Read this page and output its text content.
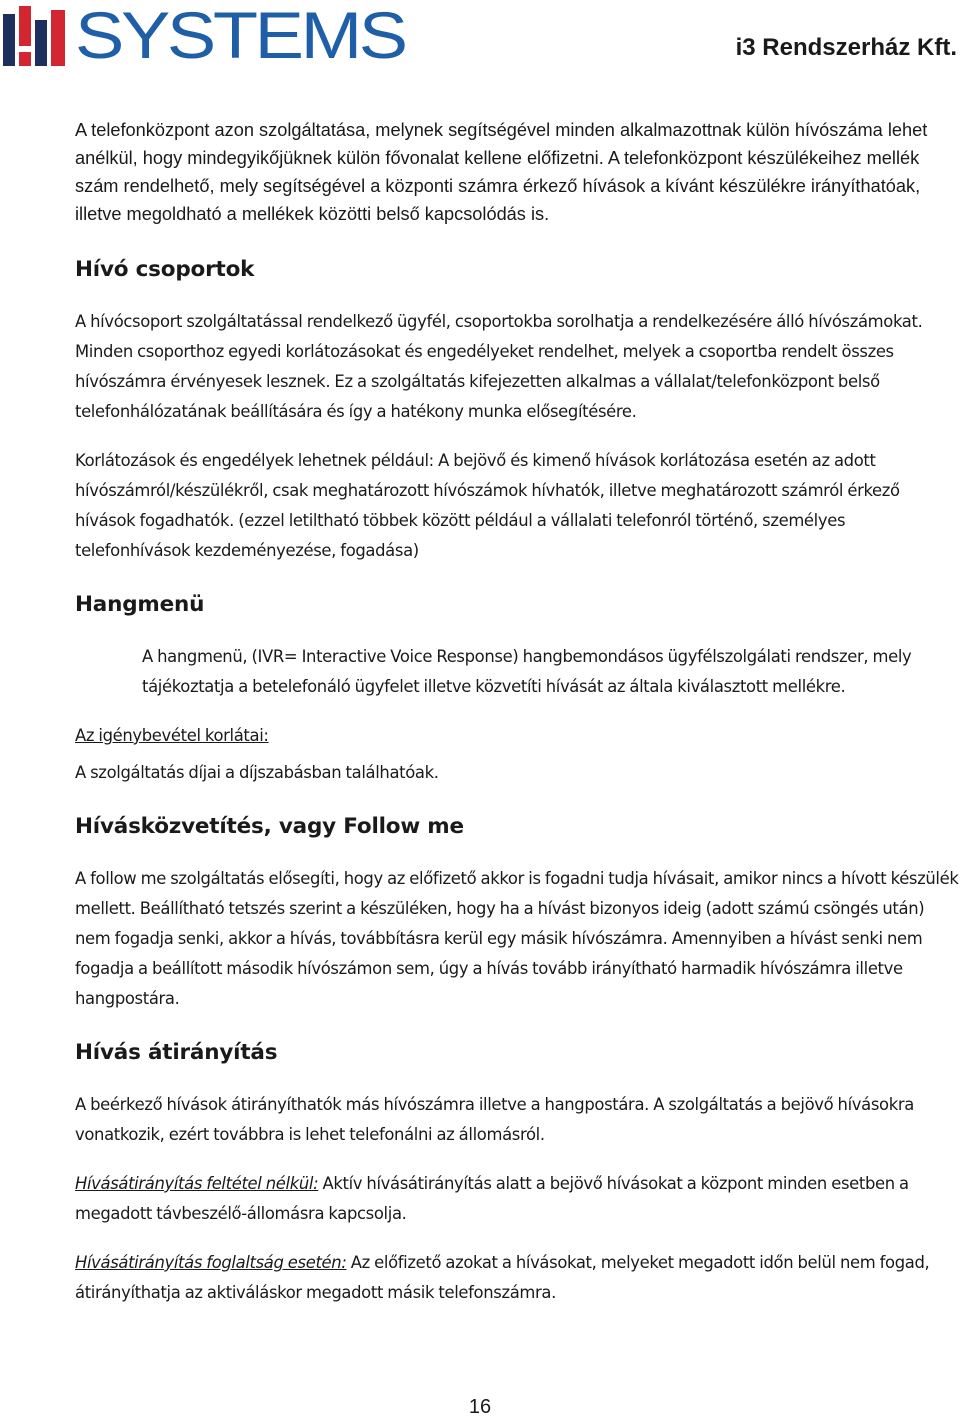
SYSTEMS	i3 Rendszerház Kft.

A telefonközpont azon szolgáltatása, melynek segítségével minden alkalmazottnak külön hívószáma lehet anélkül, hogy mindegyikőjüknek külön fővonalat kellene előfizetni. A telefonközpont készülékeihez mellék szám rendelhető, mely segítségével a központi számra érkező hívások a kívánt készülékre irányíthatóak, illetve megoldható a mellékek közötti belső kapcsolódás is.

Hívó csoportok

A hívócsoport szolgáltatással rendelkező ügyfél, csoportokba sorolhatja a rendelkezésére álló hívószámokat. Minden csoporthoz egyedi korlátozásokat és engedélyeket rendelhet, melyek a csoportba rendelt összes hívószámra érvényesek lesznek. Ez a szolgáltatás kifejezetten alkalmas a vállalat/telefonközpont belső telefonhálózatának beállítására és így a hatékony munka elősegítésére.

Korlátozások és engedélyek lehetnek például: A bejövő és kimenő hívások korlátozása esetén az adott hívószámról/készülékről, csak meghatározott hívószámok hívhatók, illetve meghatározott számról érkező hívások fogadhatók. (ezzel letiltható többek között például a vállalati telefonról történő, személyes telefonhívások kezdeményezése, fogadása)

Hangmenü

A hangmenü, (IVR= Interactive Voice Response) hangbemondásos ügyfélszolgálati rendszer, mely tájékoztatja a betelefonáló ügyfelet illetve közvetíti hívását az általa kiválasztott mellékre.

Az igénybevétel korlátai:

A szolgáltatás díjai a díjszabásban találhatóak.

Hívásközvetítés, vagy Follow me

A follow me szolgáltatás elősegíti, hogy az előfizető akkor is fogadni tudja hívásait, amikor nincs a hívott készülék mellett. Beállítható tetszés szerint a készüléken, hogy ha a hívást bizonyos ideig (adott számú csöngés után) nem fogadja senki, akkor a hívás, továbbításra kerül egy másik hívószámra. Amennyiben a hívást senki nem fogadja a beállított második hívószámon sem, úgy a hívás tovább irányítható harmadik hívószámra illetve hangpostára.

Hívás átirányítás

A beérkező hívások átirányíthatók más hívószámra illetve a hangpostára. A szolgáltatás a bejövő hívásokra vonatkozik, ezért továbbra is lehet telefonálni az állomásról.

Hívásátirányítás feltétel nélkül: Aktív hívásátirányítás alatt a bejövő hívásokat a központ minden esetben a megadott távbeszélő-állomásra kapcsolja.

Hívásátirányítás foglaltság esetén: Az előfizető azokat a hívásokat, melyeket megadott időn belül nem fogad, átirányíthatja az aktiváláskor megadott másik telefonszámra.

16
